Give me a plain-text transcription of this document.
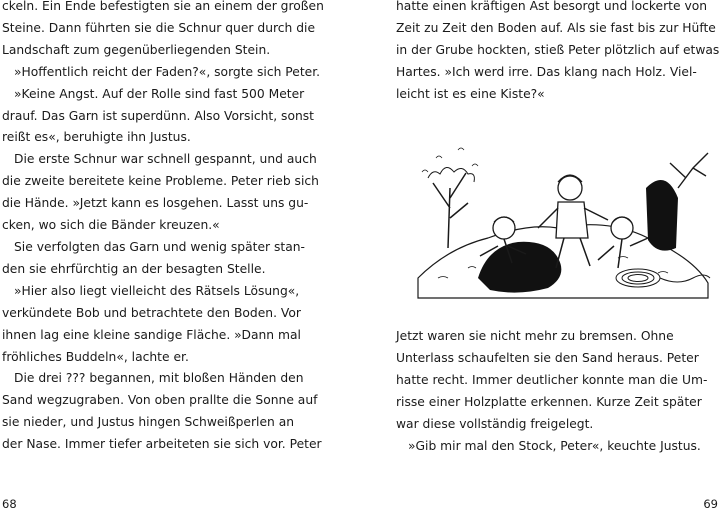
ckeln. Ein Ende befestigten sie an einem der großen
Steine. Dann führten sie die Schnur quer durch die
Landschaft zum gegenüberliegenden Stein.
»Hoffentlich reicht der Faden?«, sorgte sich Peter.
»Keine Angst. Auf der Rolle sind fast 500 Meter
drauf. Das Garn ist superdünn. Also Vorsicht, sonst
reißt es«, beruhigte ihn Justus.
Die erste Schnur war schnell gespannt, und auch
die zweite bereitete keine Probleme. Peter rieb sich
die Hände. »Jetzt kann es losgehen. Lasst uns gu-
cken, wo sich die Bänder kreuzen.«
Sie verfolgten das Garn und wenig später stan-
den sie ehrfürchtig an der besagten Stelle.
»Hier also liegt vielleicht des Rätsels Lösung«,
verkündete Bob und betrachtete den Boden. Vor
ihnen lag eine kleine sandige Fläche. »Dann mal
fröhliches Buddeln«, lachte er.
Die drei ??? begannen, mit bloßen Händen den
Sand wegzugraben. Von oben prallte die Sonne auf
sie nieder, und Justus hingen Schweißperlen an
der Nase. Immer tiefer arbeiteten sie sich vor. Peter
68
hatte einen kräftigen Ast besorgt und lockerte von
Zeit zu Zeit den Boden auf. Als sie fast bis zur Hüfte
in der Grube hockten, stieß Peter plötzlich auf etwas
Hartes. »Ich werd irre. Das klang nach Holz. Viel-
leicht ist es eine Kiste?«
Jetzt waren sie nicht mehr zu bremsen. Ohne
Unterlass schaufelten sie den Sand heraus. Peter
hatte recht. Immer deutlicher konnte man die Um-
risse einer Holzplatte erkennen. Kurze Zeit später
war diese vollständig freigelegt.
»Gib mir mal den Stock, Peter«, keuchte Justus.
69
